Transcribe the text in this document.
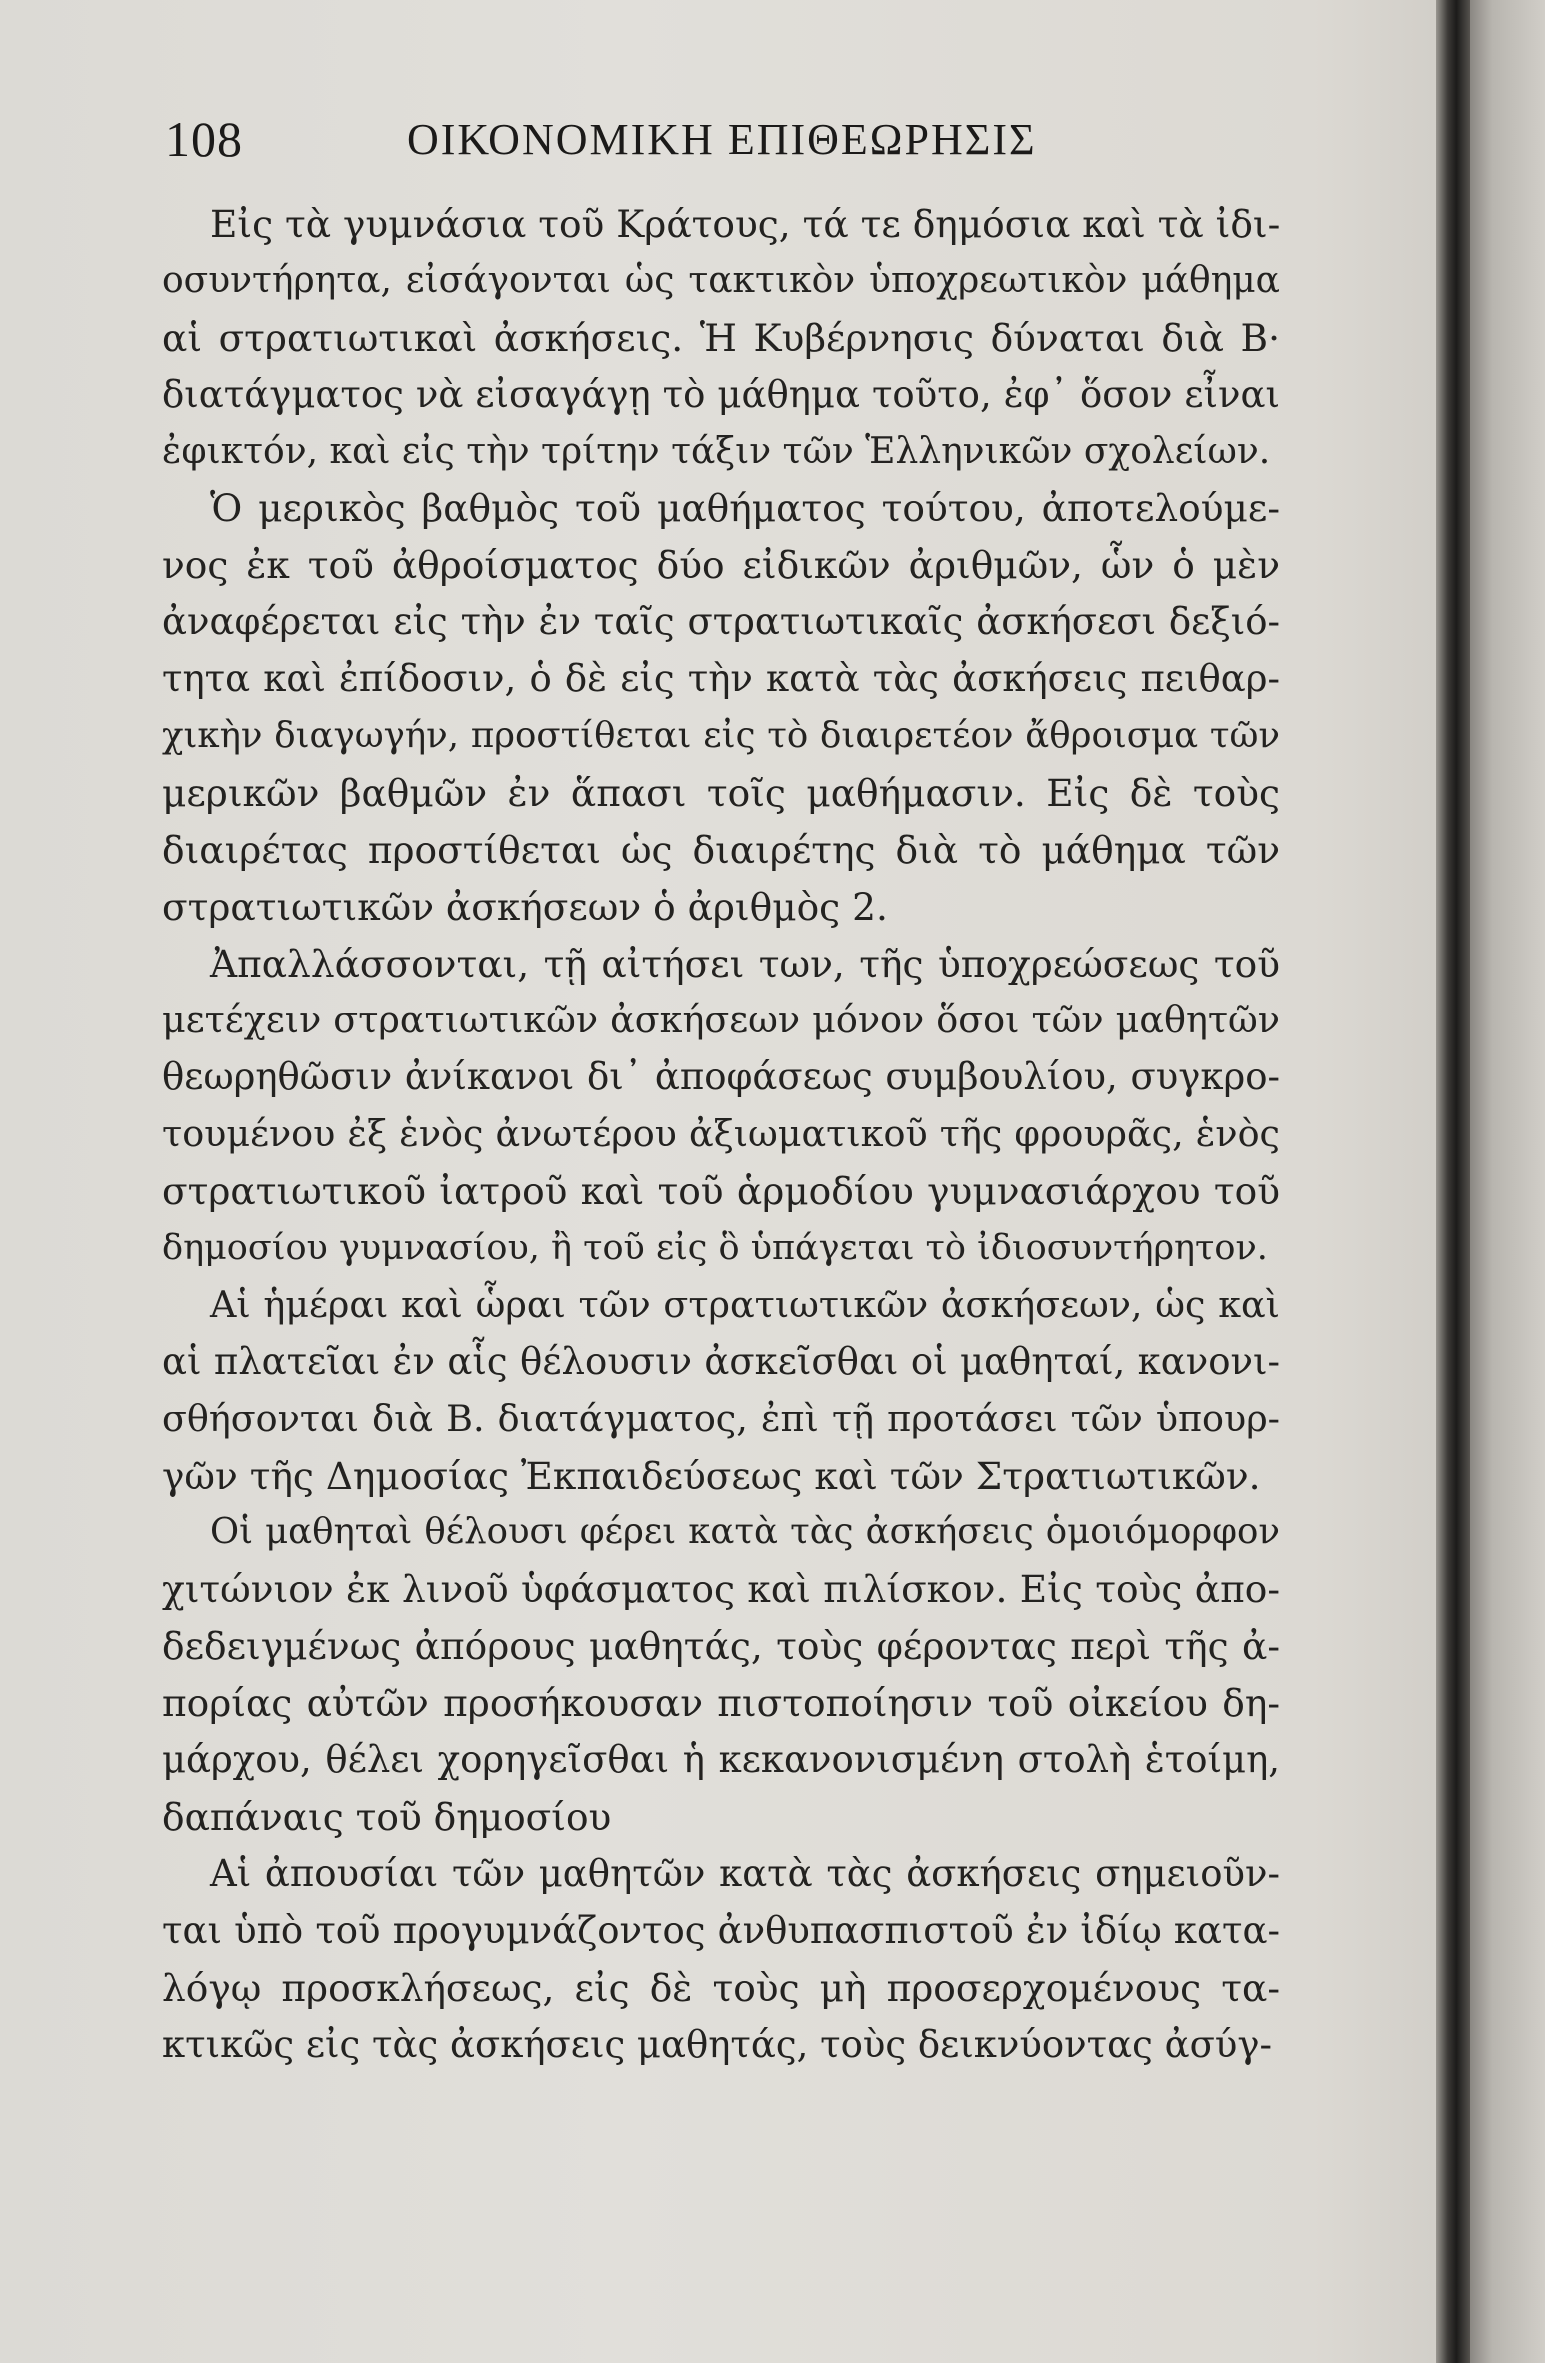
108	ΟΙΚΟΝΟΜΙΚΗ ΕΠΙΘΕΩΡΗΣΙΣ
Εἰς τὰ γυμνάσια τοῦ Κράτους, τά τε δημόσια καὶ τὰ ἰδι-
οσυντήρητα, εἰσάγονται ὡς τακτικὸν ὑποχρεωτικὸν μάθημα
αἱ στρατιωτικαὶ ἀσκήσεις. Ἡ Κυβέρνησις δύναται διὰ Β·
διατάγματος νὰ εἰσαγάγῃ τὸ μάθημα τοῦτο, ἐφ᾽ ὅσον εἶναι
ἐφικτόν, καὶ εἰς τὴν τρίτην τάξιν τῶν Ἑλληνικῶν σχολείων.
Ὁ μερικὸς βαθμὸς τοῦ μαθήματος τούτου, ἀποτελούμε-
νος ἐκ τοῦ ἀθροίσματος δύο εἰδικῶν ἀριθμῶν, ὧν ὁ μὲν
ἀναφέρεται εἰς τὴν ἐν ταῖς στρατιωτικαῖς ἀσκήσεσι δεξιό-
τητα καὶ ἐπίδοσιν, ὁ δὲ εἰς τὴν κατὰ τὰς ἀσκήσεις πειθαρ-
χικὴν διαγωγήν, προστίθεται εἰς τὸ διαιρετέον ἄθροισμα τῶν
μερικῶν βαθμῶν ἐν ἅπασι τοῖς μαθήμασιν. Εἰς δὲ τοὺς
διαιρέτας προστίθεται ὡς διαιρέτης διὰ τὸ μάθημα τῶν
στρατιωτικῶν ἀσκήσεων ὁ ἀριθμὸς 2.
Ἀπαλλάσσονται, τῇ αἰτήσει των, τῆς ὑποχρεώσεως τοῦ
μετέχειν στρατιωτικῶν ἀσκήσεων μόνον ὅσοι τῶν μαθητῶν
θεωρηθῶσιν ἀνίκανοι δι᾽ ἀποφάσεως συμβουλίου, συγκρο-
τουμένου ἐξ ἑνὸς ἀνωτέρου ἀξιωματικοῦ τῆς φρουρᾶς, ἑνὸς
στρατιωτικοῦ ἰατροῦ καὶ τοῦ ἁρμοδίου γυμνασιάρχου τοῦ
δημοσίου γυμνασίου, ἢ τοῦ εἰς ὃ ὑπάγεται τὸ ἰδιοσυντήρητον.
Αἱ ἡμέραι καὶ ὧραι τῶν στρατιωτικῶν ἀσκήσεων, ὡς καὶ
αἱ πλατεῖαι ἐν αἷς θέλουσιν ἀσκεῖσθαι οἱ μαθηταί, κανονι-
σθήσονται διὰ Β. διατάγματος, ἐπὶ τῇ προτάσει τῶν ὑπουρ-
γῶν τῆς Δημοσίας Ἐκπαιδεύσεως καὶ τῶν Στρατιωτικῶν.
Οἱ μαθηταὶ θέλουσι φέρει κατὰ τὰς ἀσκήσεις ὁμοιόμορφον
χιτώνιον ἐκ λινοῦ ὑφάσματος καὶ πιλίσκον. Εἰς τοὺς ἀπο-
δεδειγμένως ἀπόρους μαθητάς, τοὺς φέροντας περὶ τῆς ἀ-
πορίας αὐτῶν προσήκουσαν πιστοποίησιν τοῦ οἰκείου δη-
μάρχου, θέλει χορηγεῖσθαι ἡ κεκανονισμένη στολὴ ἑτοίμη,
δαπάναις τοῦ δημοσίου
Αἱ ἀπουσίαι τῶν μαθητῶν κατὰ τὰς ἀσκήσεις σημειοῦν-
ται ὑπὸ τοῦ προγυμνάζοντος ἀνθυπασπιστοῦ ἐν ἰδίῳ κατα-
λόγῳ προσκλήσεως, εἰς δὲ τοὺς μὴ προσερχομένους τα-
κτικῶς εἰς τὰς ἀσκήσεις μαθητάς, τοὺς δεικνύοντας ἀσύγ-
